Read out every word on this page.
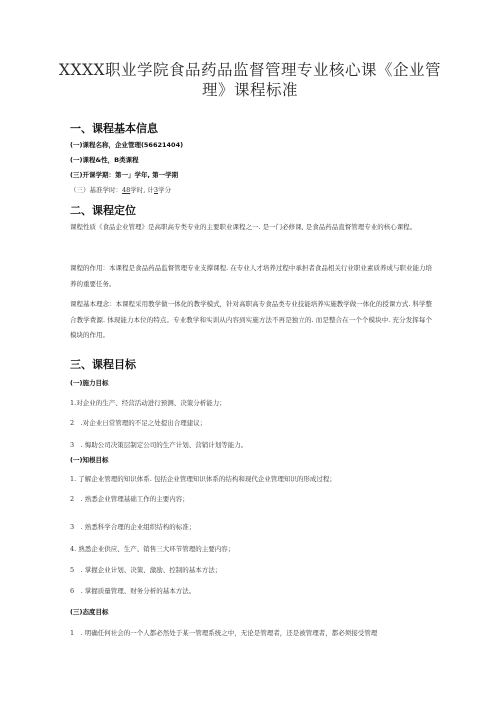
XXXX职业学院食品药品监督管理专业核心课《企业管理》课程标准
一、课程基本信息
(一)课程名称，企业管理(56621404)
(一)课程&性，B类课程
(三)开课学期：第一」学年, 第一学期
（三）基准学时：48学时, 计3学分
二、课程定位

课程性质《食品企业管理》是高职高专类专业的主要职业课程之一. 是一门必修课, 是食品药品直督管理专业的核心课程。

课程的作用：本课程是食品药品监督管理专业支撑课程. 在专业人才培养过程中承担者食品相关行业职业素质养成与职业能力培养的重要任务。

课程基本理念：本课程采用教学做一体化的教学模式，针对高职高专食品类专业技能培养实施教学做一体化的授课方式. 科学整合教学费源. 体现能力本位的特点。专业教学和实训从内容到实施方法不再是独立的. 而是整合在一个个模块中. 充分发挥每个模块的作用。

三、课程目标
(一)施力目标
1.对企业的生产、经营活动进行预测、决策分析能力；
2　.对企业日常管理的不足之处提出合理建议；
3　. 悔助公司决策层制定公司的生产计划、营销计划等能力。
(一)知根目标
1. 了解企业管理的知识体系. 包括企业管理知识体系的结构和现代企业管理知识的形成过程；
2　. 熟悉企业管理基础工作的主要内容；
3　. 熟悉科学合理的企业组织结构的标准；
4. 熟悉企业供应、生产、销售三大环节管理的主要内容；
5　. 掌握企业计划、决策、激励、控制的基本方法；
6　. 掌握质量管理、财务分析的基本方法。
(三)态度目标
1　. 明确任何社会的一个人都必然处于某一管理系统之中，无论是管理者，还是被管理者，都必须接受管理
